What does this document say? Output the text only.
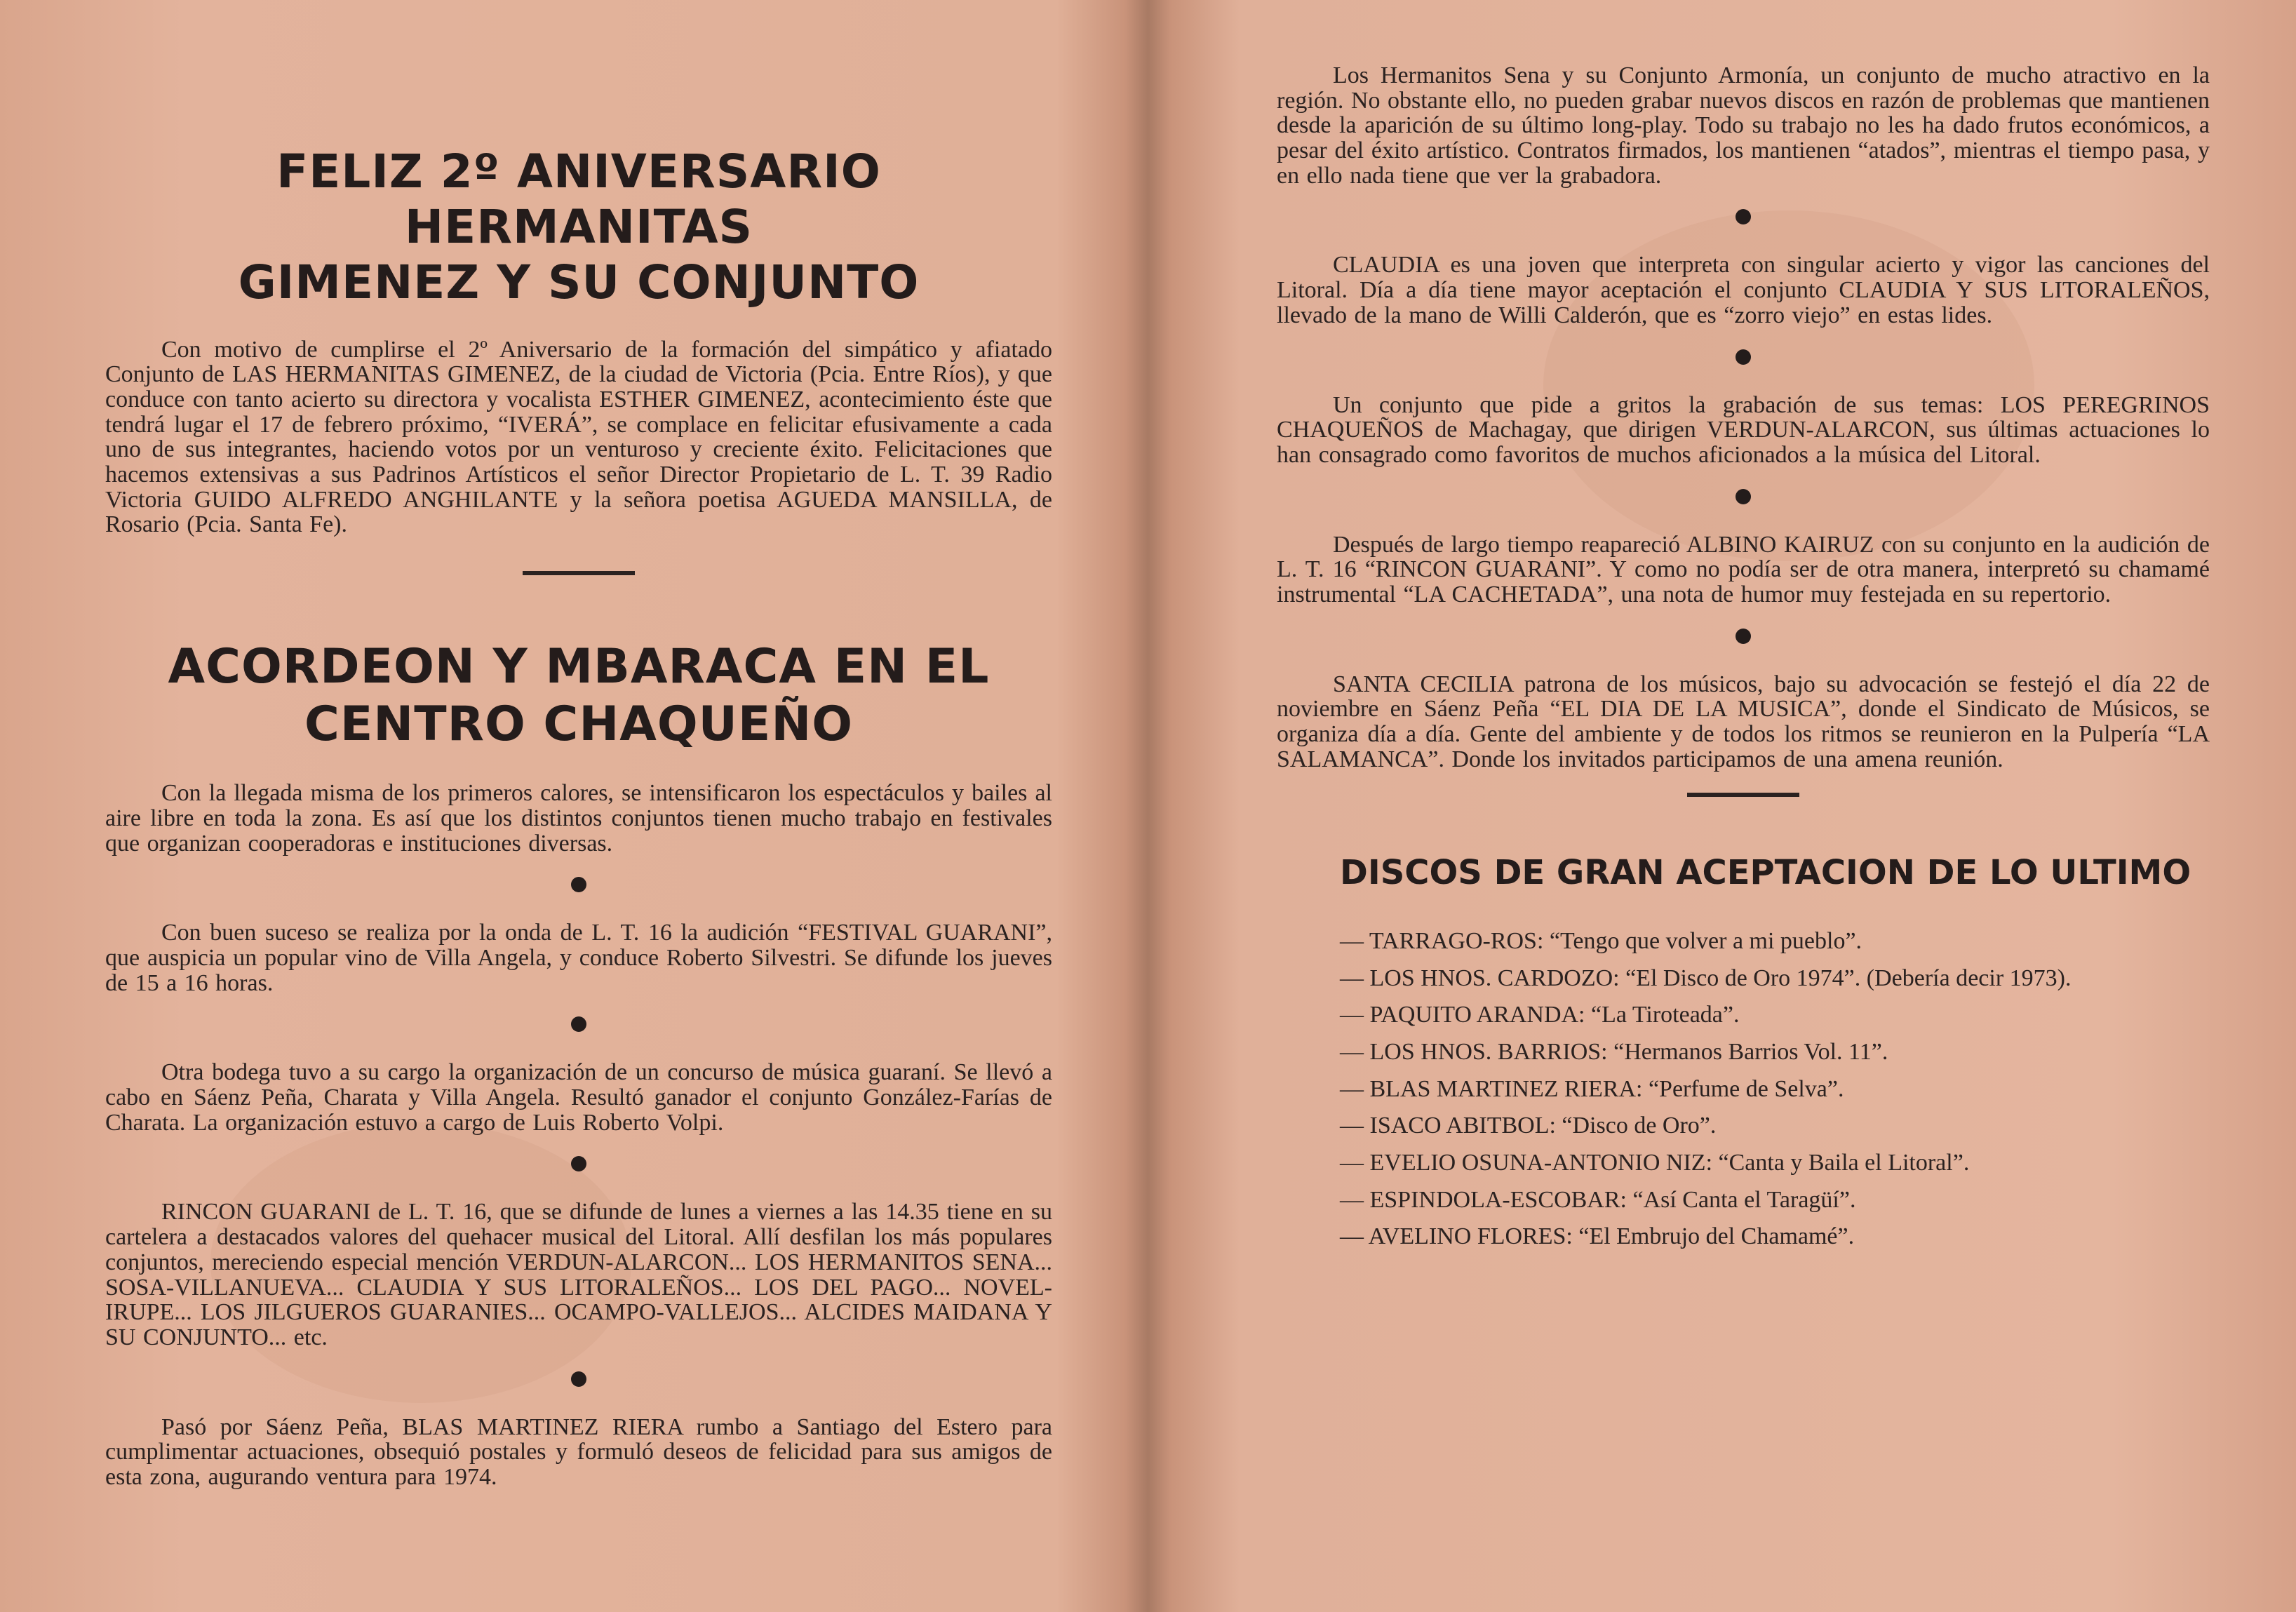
FELIZ 2º ANIVERSARIO HERMANITAS
GIMENEZ Y SU CONJUNTO

Con motivo de cumplirse el 2º Aniversario de la formación del simpático y afiatado Conjunto de LAS HERMANITAS GIMENEZ, de la ciudad de Victoria (Pcia. Entre Ríos), y que conduce con tanto acierto su directora y vocalista ESTHER GIMENEZ, acontecimiento éste que tendrá lugar el 17 de febrero próximo, “IVERÁ”, se complace en felicitar efusivamente a cada uno de sus integrantes, haciendo votos por un venturoso y creciente éxito. Felicitaciones que hacemos extensivas a sus Padrinos Artísticos el señor Director Propietario de L. T. 39 Radio Victoria GUIDO ALFREDO ANGHILANTE y la señora poetisa AGUEDA MANSILLA, de Rosario (Pcia. Santa Fe).

ACORDEON Y MBARACA EN EL
CENTRO CHAQUEÑO

Con la llegada misma de los primeros calores, se intensificaron los espectáculos y bailes al aire libre en toda la zona. Es así que los distintos conjuntos tienen mucho trabajo en festivales que organizan cooperadoras e instituciones diversas.

Con buen suceso se realiza por la onda de L. T. 16 la audición “FESTIVAL GUARANI”, que auspicia un popular vino de Villa Angela, y conduce Roberto Silvestri. Se difunde los jueves de 15 a 16 horas.

Otra bodega tuvo a su cargo la organización de un concurso de música guaraní. Se llevó a cabo en Sáenz Peña, Charata y Villa Angela. Resultó ganador el conjunto González-Farías de Charata. La organización estuvo a cargo de Luis Roberto Volpi.

RINCON GUARANI de L. T. 16, que se difunde de lunes a viernes a las 14.35 tiene en su cartelera a destacados valores del quehacer musical del Litoral. Allí desfilan los más populares conjuntos, mereciendo especial mención VERDUN-ALARCON... LOS HERMANITOS SENA... SOSA-VILLANUEVA... CLAUDIA Y SUS LITORALEÑOS... LOS DEL PAGO... NOVEL-IRUPE... LOS JILGUEROS GUARANIES... OCAMPO-VALLEJOS... ALCIDES MAIDANA Y SU CONJUNTO... etc.

Pasó por Sáenz Peña, BLAS MARTINEZ RIERA rumbo a Santiago del Estero para cumplimentar actuaciones, obsequió postales y formuló deseos de felicidad para sus amigos de esta zona, augurando ventura para 1974.

Los Hermanitos Sena y su Conjunto Armonía, un conjunto de mucho atractivo en la región. No obstante ello, no pueden grabar nuevos discos en razón de problemas que mantienen desde la aparición de su último long-play. Todo su trabajo no les ha dado frutos económicos, a pesar del éxito artístico. Contratos firmados, los mantienen “atados”, mientras el tiempo pasa, y en ello nada tiene que ver la grabadora.

CLAUDIA es una joven que interpreta con singular acierto y vigor las canciones del Litoral. Día a día tiene mayor aceptación el conjunto CLAUDIA Y SUS LITORALEÑOS, llevado de la mano de Willi Calderón, que es “zorro viejo” en estas lides.

Un conjunto que pide a gritos la grabación de sus temas: LOS PEREGRINOS CHAQUEÑOS de Machagay, que dirigen VERDUN-ALARCON, sus últimas actuaciones lo han consagrado como favoritos de muchos aficionados a la música del Litoral.

Después de largo tiempo reapareció ALBINO KAIRUZ con su conjunto en la audición de L. T. 16 “RINCON GUARANI”. Y como no podía ser de otra manera, interpretó su chamamé instrumental “LA CACHETADA”, una nota de humor muy festejada en su repertorio.

SANTA CECILIA patrona de los músicos, bajo su advocación se festejó el día 22 de noviembre en Sáenz Peña “EL DIA DE LA MUSICA”, donde el Sindicato de Músicos, se organiza día a día. Gente del ambiente y de todos los ritmos se reunieron en la Pulpería “LA SALAMANCA”. Donde los invitados participamos de una amena reunión.

DISCOS DE GRAN ACEPTACION DE LO ULTIMO
— TARRAGO-ROS: “Tengo que volver a mi pueblo”.
— LOS HNOS. CARDOZO: “El Disco de Oro 1974”. (Debería decir 1973).
— PAQUITO ARANDA: “La Tiroteada”.
— LOS HNOS. BARRIOS: “Hermanos Barrios Vol. 11”.
— BLAS MARTINEZ RIERA: “Perfume de Selva”.
— ISACO ABITBOL: “Disco de Oro”.
— EVELIO OSUNA-ANTONIO NIZ: “Canta y Baila el Litoral”.
— ESPINDOLA-ESCOBAR: “Así Canta el Taragüí”.
— AVELINO FLORES: “El Embrujo del Chamamé”.
